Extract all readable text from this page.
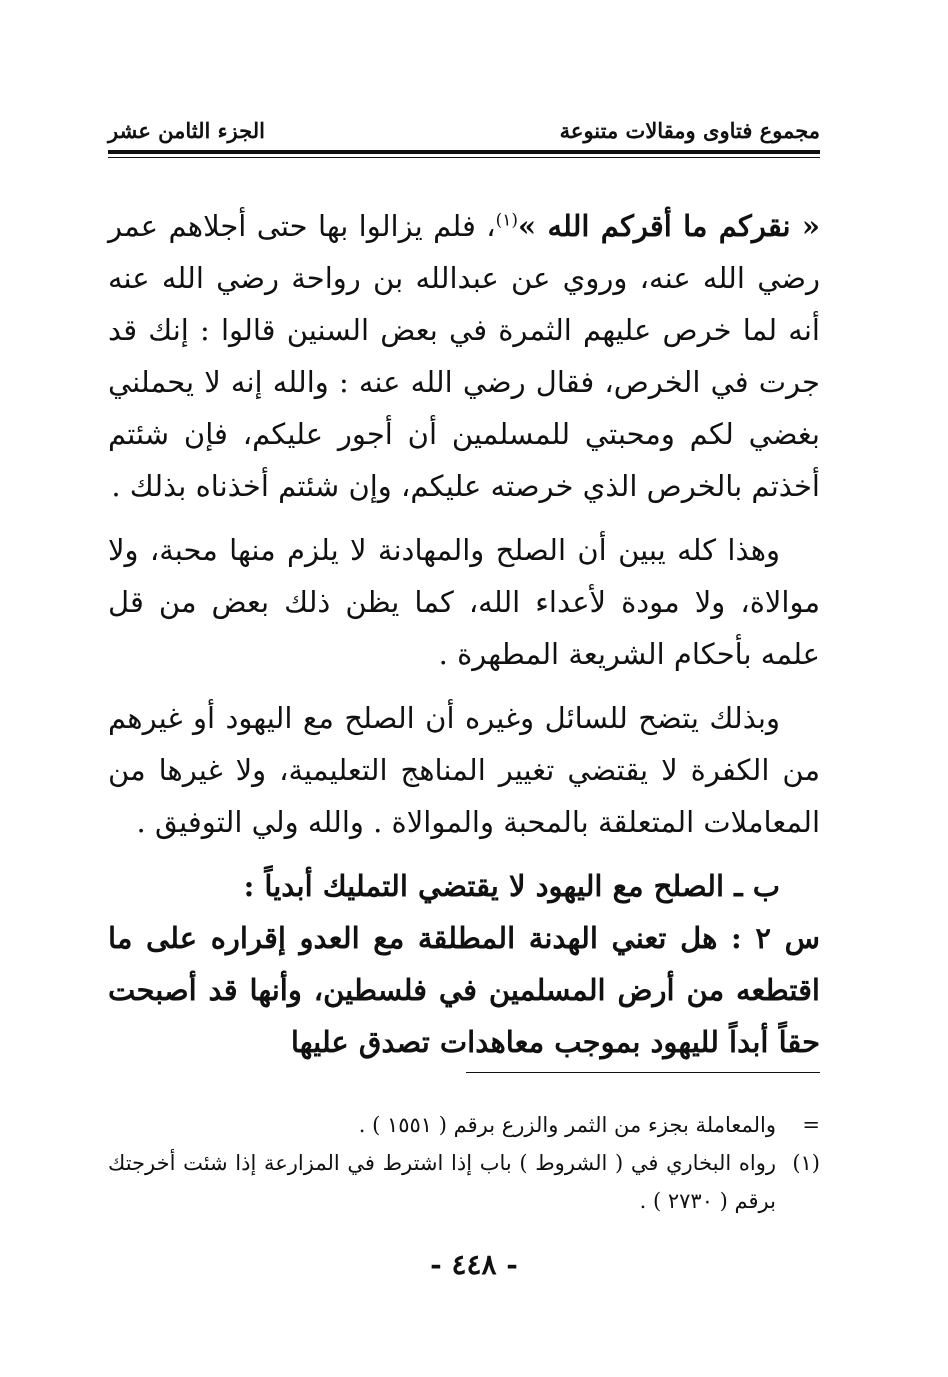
مجموع فتاوى ومقالات متنوعة
الجزء الثامن عشر

« نقركم ما أقركم الله »$^{(١)}$، فلم يزالوا بها حتى أجلاهم عمر رضي الله عنه، وروي عن عبدالله بن رواحة رضي الله عنه أنه لما خرص عليهم الثمرة في بعض السنين قالوا : إنك قد جرت في الخرص، فقال رضي الله عنه : والله إنه لا يحملني بغضي لكم ومحبتي للمسلمين أن أجور عليكم، فإن شئتم أخذتم بالخرص الذي خرصته عليكم، وإن شئتم أخذناه بذلك .

وهذا كله يبين أن الصلح والمهادنة لا يلزم منها محبة، ولا موالاة، ولا مودة لأعداء الله، كما يظن ذلك بعض من قل علمه بأحكام الشريعة المطهرة .

وبذلك يتضح للسائل وغيره أن الصلح مع اليهود أو غيرهم من الكفرة لا يقتضي تغيير المناهج التعليمية، ولا غيرها من المعاملات المتعلقة بالمحبة والموالاة . والله ولي التوفيق .

ب ـ الصلح مع اليهود لا يقتضي التمليك أبدياً :

س ٢ : هل تعني الهدنة المطلقة مع العدو إقراره على ما اقتطعه من أرض المسلمين في فلسطين، وأنها قد أصبحت حقاً أبداً لليهود بموجب معاهدات تصدق عليها

=
والمعاملة بجزء من الثمر والزرع برقم ( ١٥٥١ ) .
(١)
رواه البخاري في ( الشروط ) باب إذا اشترط في المزارعة إذا شئت أخرجتك برقم ( ٢٧٣٠ ) .
- ٤٤٨ -
